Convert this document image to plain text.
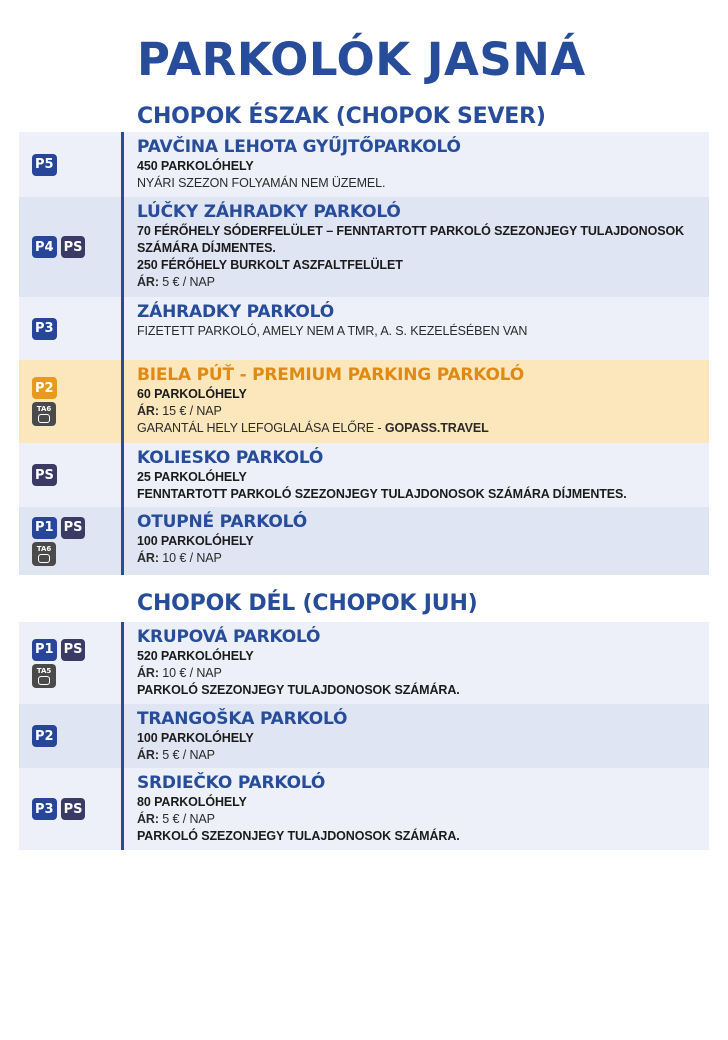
PARKOLÓK JASNÁ
CHOPOK ÉSZAK (CHOPOK SEVER)
P5

PAVČINA LEHOTA GYŰJTŐPARKOLÓ

450 PARKOLÓHELY

NYÁRI SZEZON FOLYAMÁN NEM ÜZEMEL.

P4 PS

LÚČKY ZÁHRADKY PARKOLÓ

70 FÉRŐHELY SÓDERFELÜLET – FENNTARTOTT PARKOLÓ SZEZONJEGY TULAJDONOSOK SZÁMÁRA DÍJMENTES.

250 FÉRŐHELY BURKOLT ASZFALTFELÜLET

ÁR: 5 € / NAP

P3

ZÁHRADKY PARKOLÓ

FIZETETT PARKOLÓ, AMELY NEM A TMR, A. S. KEZELÉSÉBEN VAN

P2
TA6

BIELA PÚŤ - PREMIUM PARKING PARKOLÓ

60 PARKOLÓHELY

ÁR: 15 € / NAP

GARANTÁL HELY LEFOGLALÁSA ELŐRE - GOPASS.TRAVEL

PS

KOLIESKO PARKOLÓ

25 PARKOLÓHELY

FENNTARTOTT PARKOLÓ SZEZONJEGY TULAJDONOSOK SZÁMÁRA DÍJMENTES.

P1 PS
TA6

OTUPNÉ PARKOLÓ

100 PARKOLÓHELY

ÁR: 10 € / NAP

CHOPOK DÉL (CHOPOK JUH)
P1 PS
TA5

KRUPOVÁ PARKOLÓ

520 PARKOLÓHELY

ÁR: 10 € / NAP

PARKOLÓ SZEZONJEGY TULAJDONOSOK SZÁMÁRA.

P2

TRANGOŠKA PARKOLÓ

100 PARKOLÓHELY

ÁR: 5 € / NAP

P3 PS

SRDIEČKO PARKOLÓ

80 PARKOLÓHELY

ÁR: 5 € / NAP

PARKOLÓ SZEZONJEGY TULAJDONOSOK SZÁMÁRA.
